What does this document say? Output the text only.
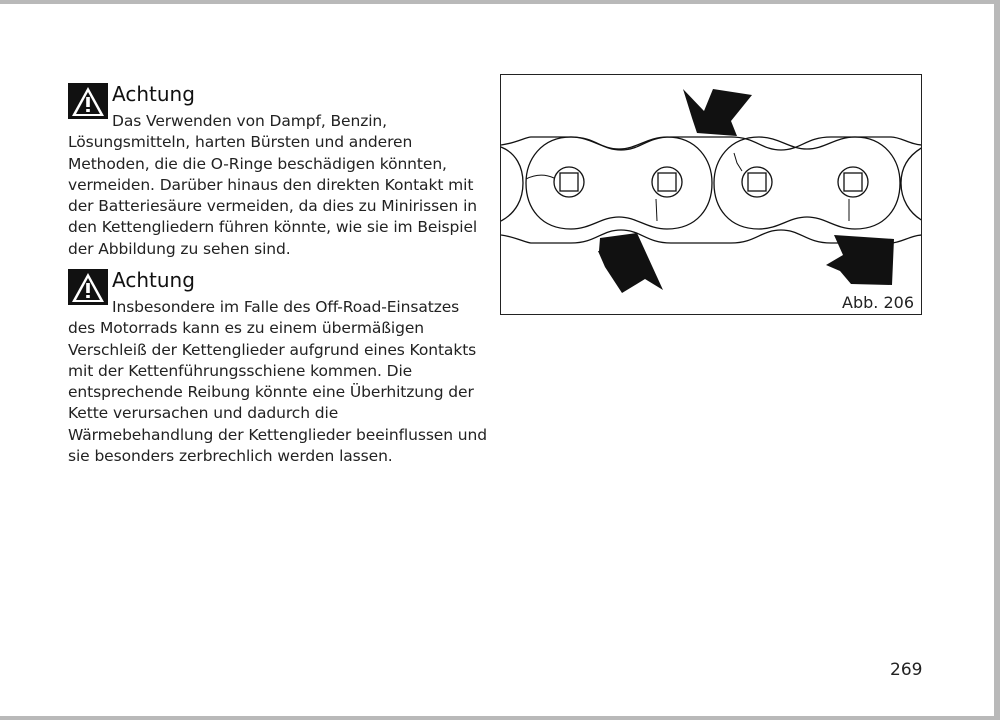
Achtung

Das Verwenden von Dampf, Benzin, Lösungsmitteln, harten Bürsten und anderen Methoden, die die O-Ringe beschädigen könnten, vermeiden. Darüber hinaus den direkten Kontakt mit der Batteriesäure vermeiden, da dies zu Minirissen in den Kettengliedern führen könnte, wie sie im Beispiel der Abbildung zu sehen sind.

Achtung

Insbesondere im Falle des Off-Road-Einsatzes des Motorrads kann es zu einem übermäßigen Verschleiß der Kettenglieder aufgrund eines Kontakts mit der Kettenführungsschiene kommen. Die entsprechende Reibung könnte eine Überhitzung der Kette verursachen und dadurch die Wärmebehandlung der Kettenglieder beeinflussen und sie besonders zerbrechlich werden lassen.

Abb. 206
269
